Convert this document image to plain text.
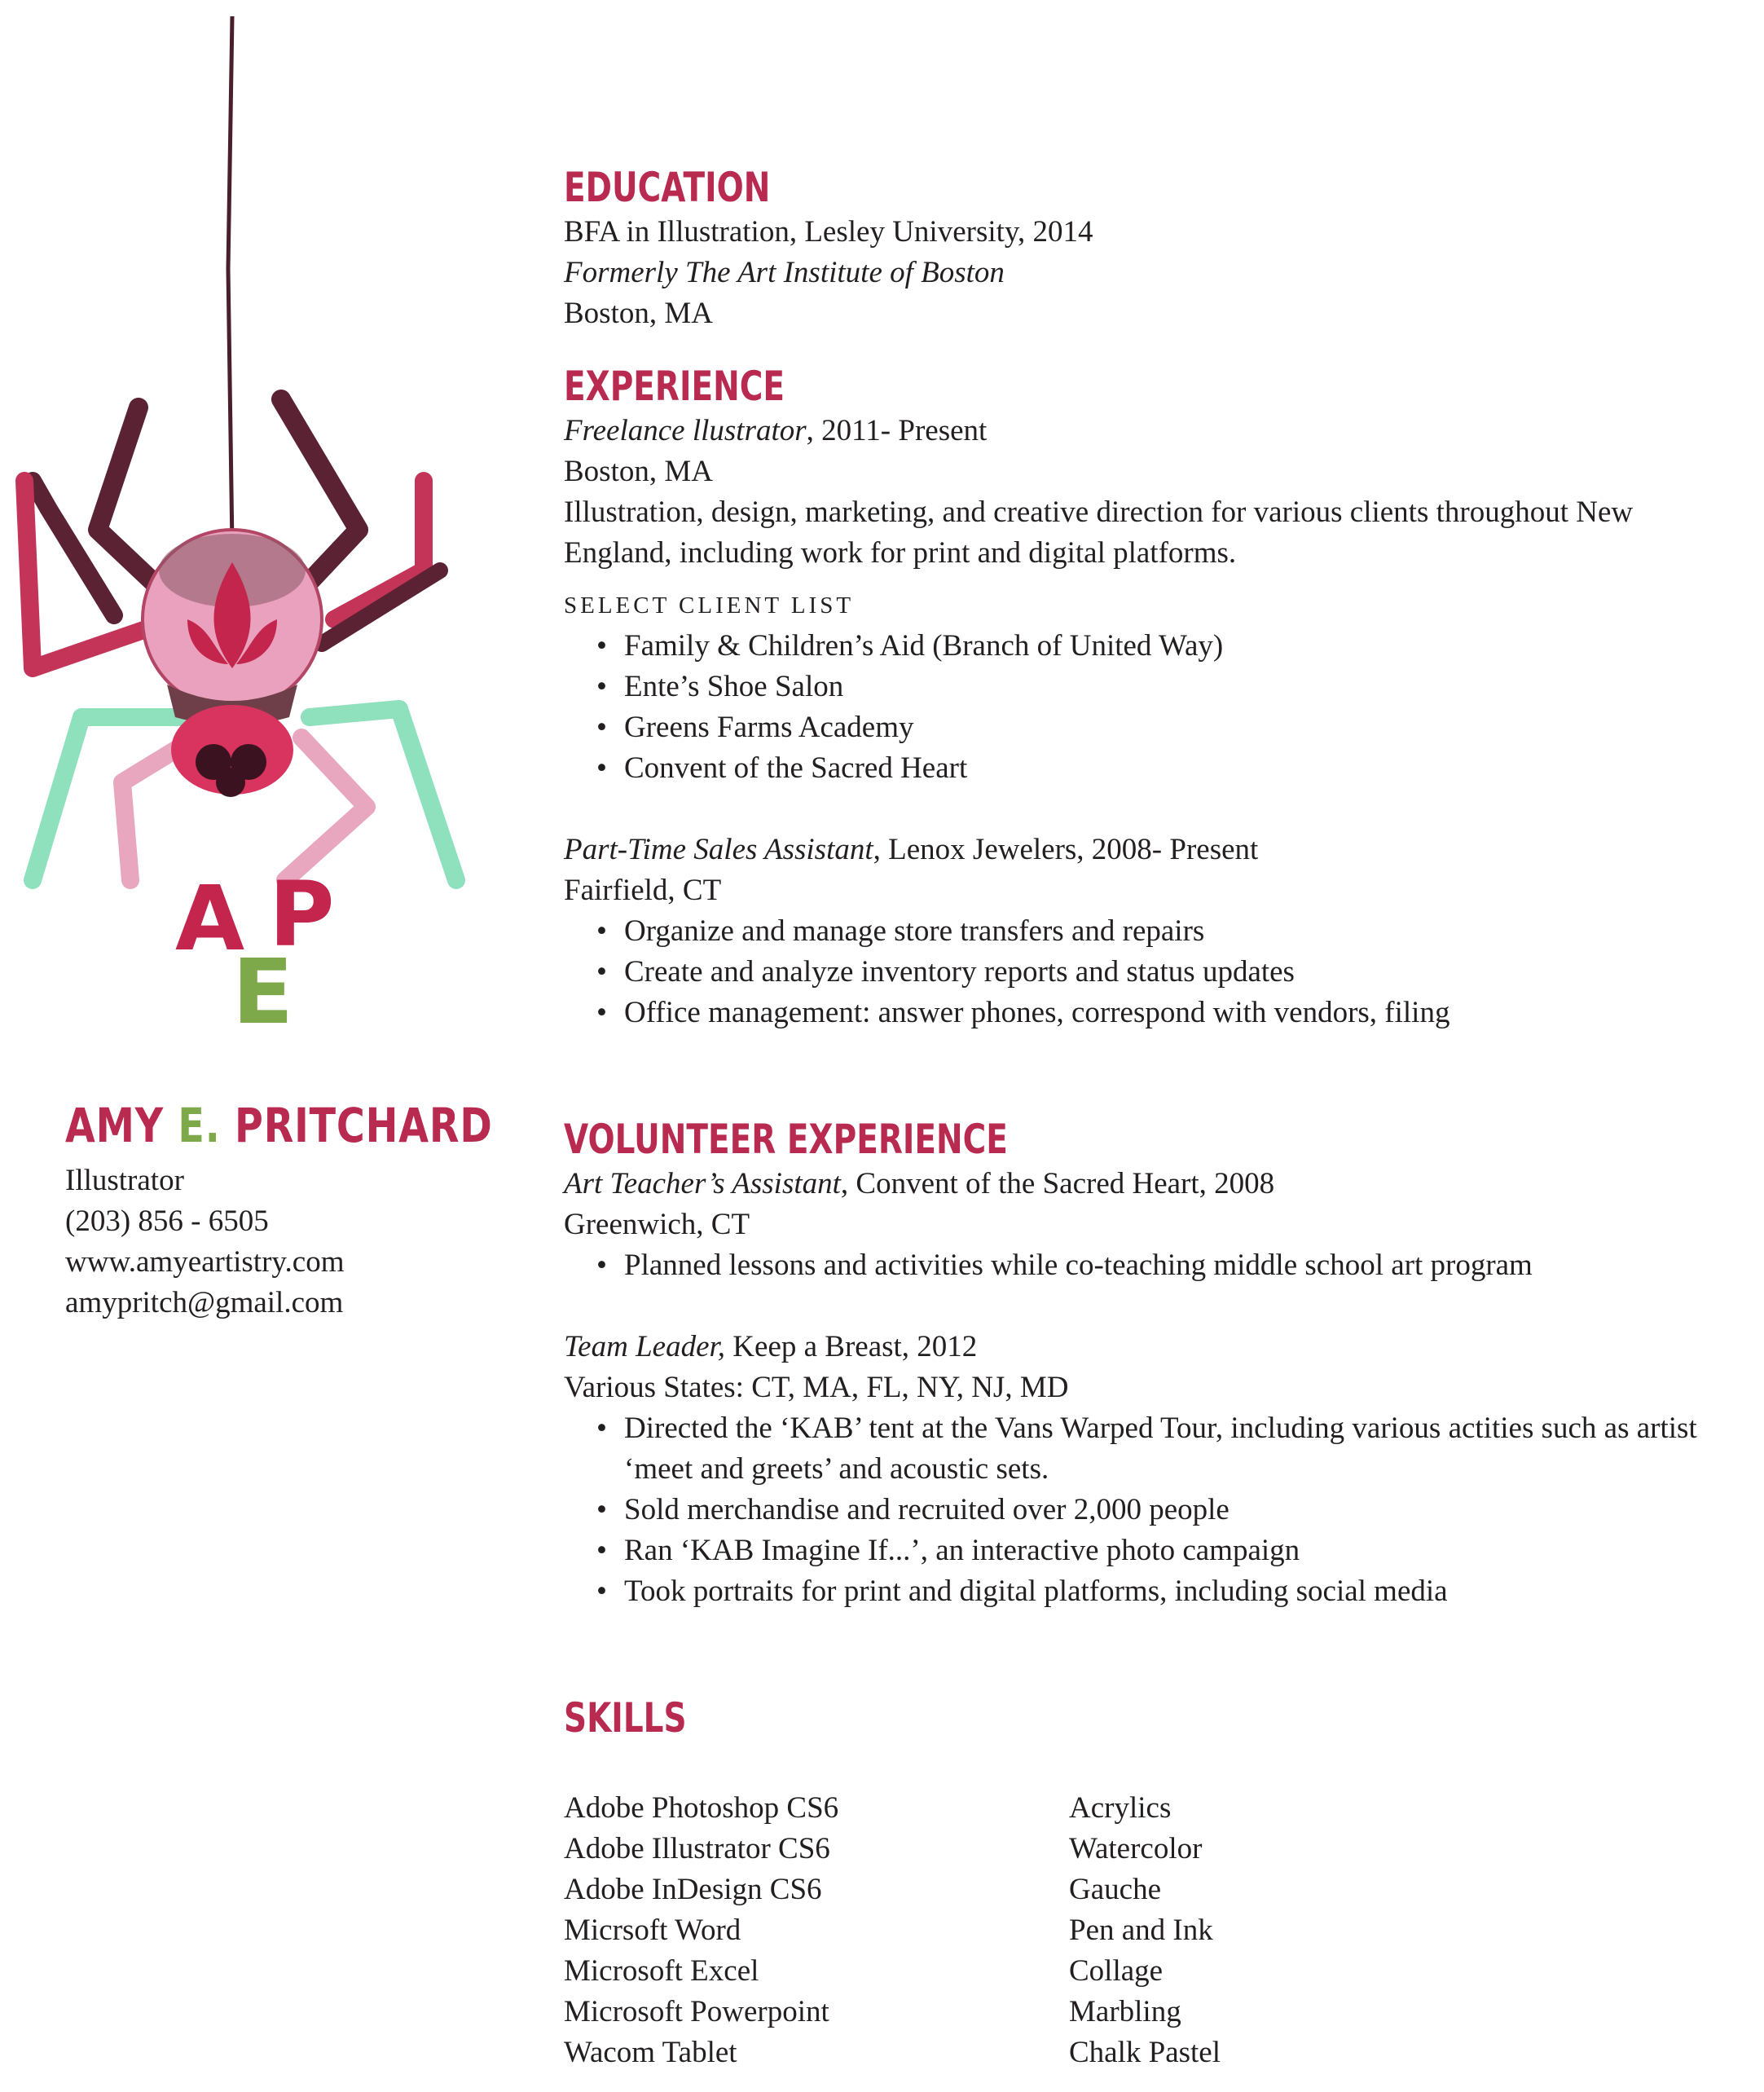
A
E
P
AMY E. PRITCHARD
Illustrator
(203) 856 - 6505
www.amyeartistry.com
amypritch@gmail.com
EDUCATION
BFA in Illustration, Lesley University, 2014
Formerly The Art Institute of Boston
Boston, MA
EXPERIENCE
Freelance llustrator, 2011- Present
Boston, MA
Illustration, design, marketing, and creative direction for various clients throughout New England, including work for print and digital platforms.
SELECT CLIENT LIST
• Family & Children’s Aid (Branch of United Way)
• Ente’s Shoe Salon
• Greens Farms Academy
• Convent of the Sacred Heart
Part-Time Sales Assistant, Lenox Jewelers, 2008- Present
Fairfield, CT
• Organize and manage store transfers and repairs
• Create and analyze inventory reports and status updates
• Office management: answer phones, correspond with vendors, filing
VOLUNTEER EXPERIENCE
Art Teacher’s Assistant, Convent of the Sacred Heart, 2008
Greenwich, CT
• Planned lessons and activities while co-teaching middle school art program
Team Leader, Keep a Breast, 2012
Various States: CT, MA, FL, NY, NJ, MD
• Directed the ‘KAB’ tent at the Vans Warped Tour, including various actities such as artist ‘meet and greets’ and acoustic sets.
• Sold merchandise and recruited over 2,000 people
• Ran ‘KAB Imagine If...’, an interactive photo campaign
• Took portraits for print and digital platforms, including social media
SKILLS
Adobe Photoshop CS6
Adobe Illustrator CS6
Adobe InDesign CS6
Micrsoft Word
Microsoft Excel
Microsoft Powerpoint
Wacom Tablet
Acrylics
Watercolor
Gauche
Pen and Ink
Collage
Marbling
Chalk Pastel
